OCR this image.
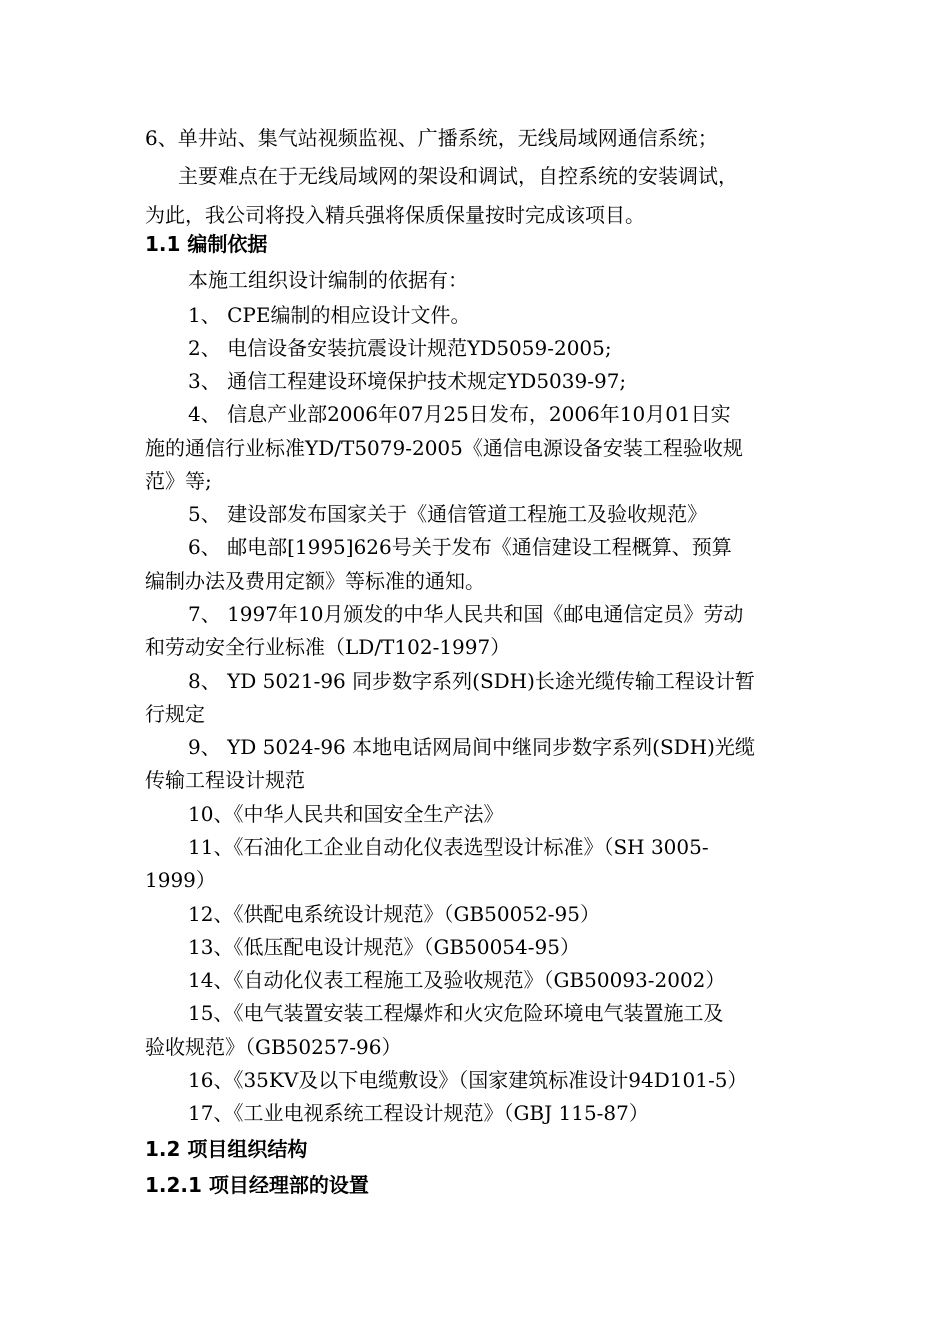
6、单井站、集气站视频监视、广播系统，无线局域网通信系统；
主要难点在于无线局域网的架设和调试，自控系统的安装调试，
为此，我公司将投入精兵强将保质保量按时完成该项目。
1.1 编制依据
本施工组织设计编制的依据有：
1、 CPE编制的相应设计文件。
2、 电信设备安装抗震设计规范YD5059-2005;
3、 通信工程建设环境保护技术规定YD5039-97;
4、 信息产业部2006年07月25日发布，2006年10月01日实
施的通信行业标准YD/T5079-2005《通信电源设备安装工程验收规
范》等;
5、 建设部发布国家关于《通信管道工程施工及验收规范》
6、 邮电部[1995]626号关于发布《通信建设工程概算、预算
编制办法及费用定额》等标准的通知。
7、 1997年10月颁发的中华人民共和国《邮电通信定员》劳动
和劳动安全行业标准（LD/T102-1997）
8、 YD 5021-96 同步数字系列(SDH)长途光缆传输工程设计暂
行规定
9、 YD 5024-96 本地电话网局间中继同步数字系列(SDH)光缆
传输工程设计规范
10、《中华人民共和国安全生产法》
11、《石油化工企业自动化仪表选型设计标准》（SH 3005-
1999）
12、《供配电系统设计规范》（GB50052-95）
13、《低压配电设计规范》（GB50054-95）
14、《自动化仪表工程施工及验收规范》（GB50093-2002）
15、《电气装置安装工程爆炸和火灾危险环境电气装置施工及
验收规范》（GB50257-96）
16、《35KV及以下电缆敷设》（国家建筑标准设计94D101-5）
17、《工业电视系统工程设计规范》（GBJ 115-87）
1.2 项目组织结构
1.2.1 项目经理部的设置
